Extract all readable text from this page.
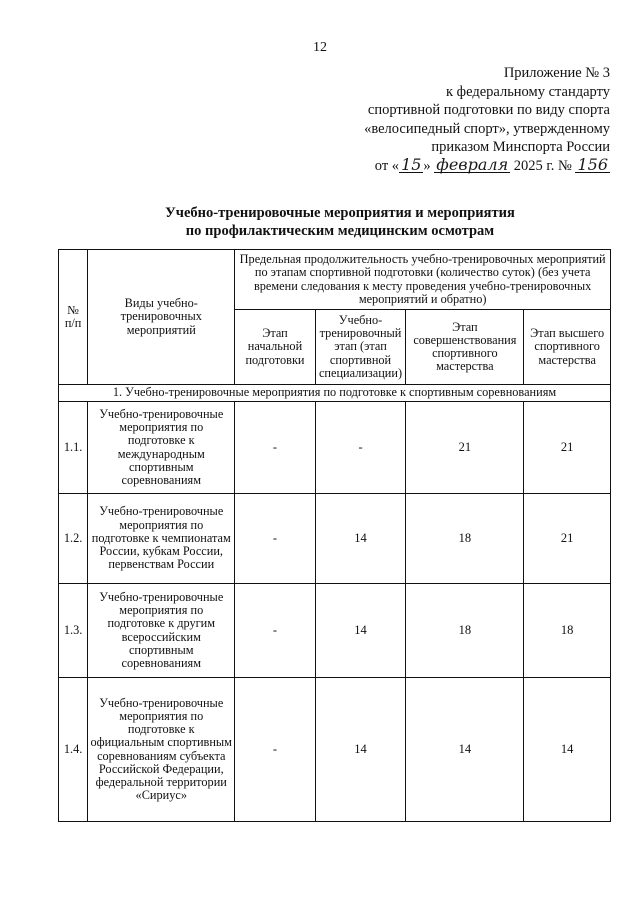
12
Приложение № 3
к федеральному стандарту
спортивной подготовки по виду спорта
«велосипедный спорт», утвержденному
приказом Минспорта России
от « 15 » февраля 2025 г. № 156
Учебно-тренировочные мероприятия и мероприятия
по профилактическим медицинским осмотрам
№ п/п	Виды учебно-тренировочных мероприятий	Предельная продолжительность учебно-тренировочных мероприятий по этапам спортивной подготовки (количество суток) (без учета времени следования к месту проведения учебно-тренировочных мероприятий и обратно)			
		Этап начальной подготовки	Учебно-тренировочный этап (этап спортивной специализации)	Этап совершенствования спортивного мастерства	Этап высшего спортивного мастерства
1. Учебно-тренировочные мероприятия по подготовке к спортивным соревнованиям					
1.1.	Учебно-тренировочные мероприятия по подготовке к международным спортивным соревнованиям	-	-	21	21
1.2.	Учебно-тренировочные мероприятия по подготовке к чемпионатам России, кубкам России, первенствам России	-	14	18	21
1.3.	Учебно-тренировочные мероприятия по подготовке к другим всероссийским спортивным соревнованиям	-	14	18	18
1.4.	Учебно-тренировочные мероприятия по подготовке к официальным спортивным соревнованиям субъекта Российской Федерации, федеральной территории «Сириус»	-	14	14	14
